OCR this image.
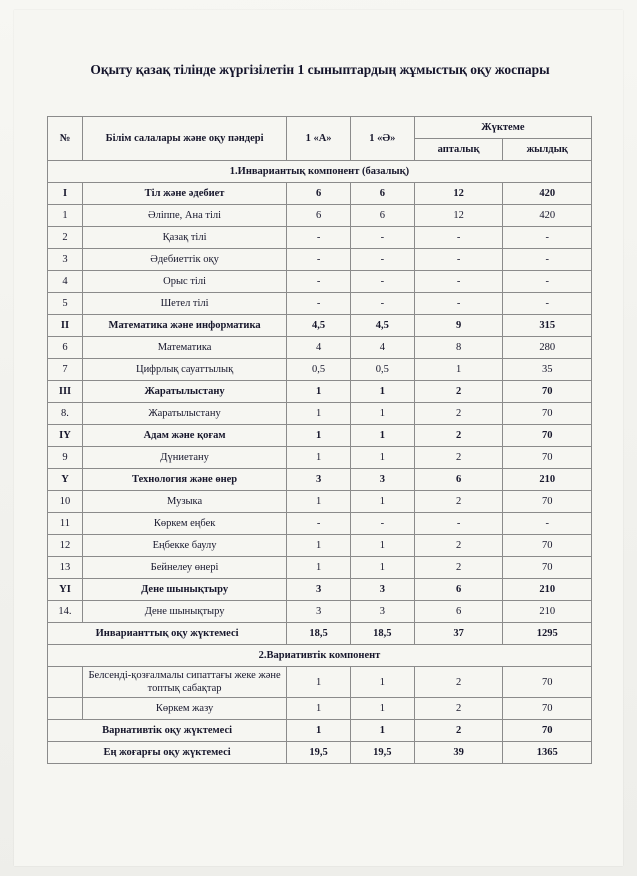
Оқыту қазақ тілінде жүргізілетін 1 сыныптардың жұмыстық оқу жоспары
№	Білім салалары және оқу пәндері	1 «А»	1 «Ә»	Жүктеме	
				апталық	жылдық
1.Инвариантық компонент (базалық)					
I	Тіл және әдебиет	6	6	12	420
1	Әліппе, Ана тілі	6	6	12	420
2	Қазақ тілі	-	-	-	-
3	Әдебиеттік оқу	-	-	-	-
4	Орыс тілі	-	-	-	-
5	Шетел тілі	-	-	-	-
II	Математика және информатика	4,5	4,5	9	315
6	Математика	4	4	8	280
7	Цифрлық сауаттылық	0,5	0,5	1	35
III	Жаратылыстану	1	1	2	70
8.	Жаратылыстану	1	1	2	70
IY	Адам және қоғам	1	1	2	70
9	Дүниетану	1	1	2	70
Y	Технология және өнер	3	3	6	210
10	Музыка	1	1	2	70
11	Көркем еңбек	-	-	-	-
12	Еңбекке баулу	1	1	2	70
13	Бейнелеу өнері	1	1	2	70
YI	Дене шынықтыру	3	3	6	210
14.	Дене шынықтыру	3	3	6	210
Инварианттық оқу жүктемесі		18,5	18,5	37	1295
2.Вариативтік компонент					
	Белсенді-қозғалмалы сипаттағы жеке және топтық сабақтар	1	1	2	70
	Көркем жазу	1	1	2	70
Варнативтік оқу жүктемесі		1	1	2	70
Ең жоғарғы оқу жүктемесі		19,5	19,5	39	1365
